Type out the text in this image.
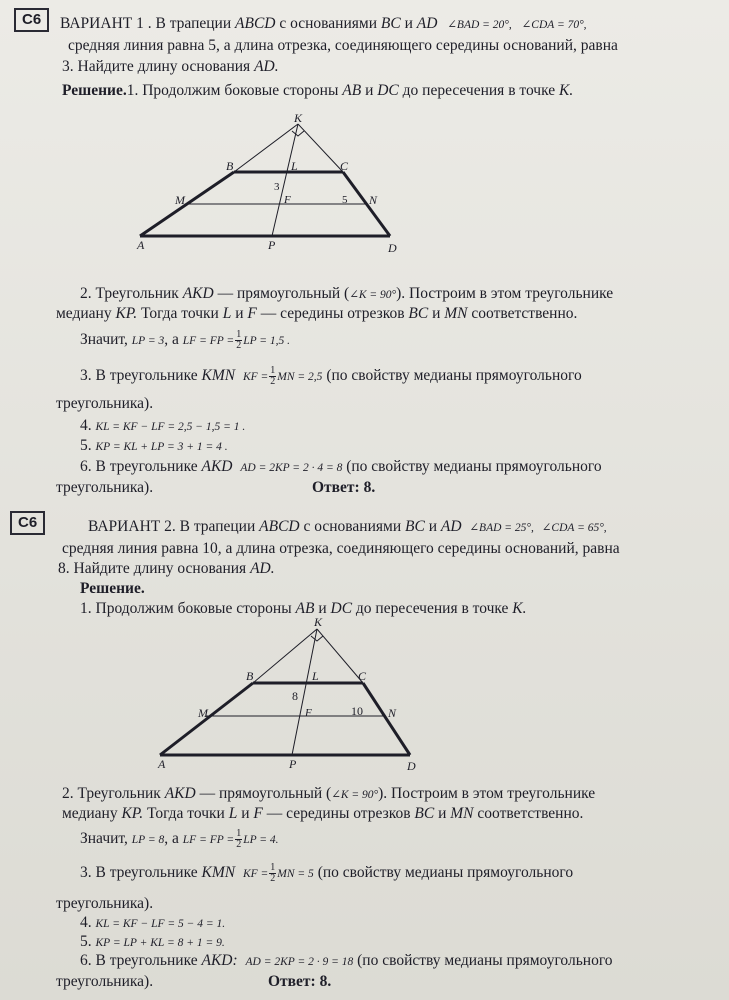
C6	ВАРИАНТ 1 . В трапеции ABCD с основаниями BC и AD ∠BAD = 20°, ∠CDA = 70°,
средняя линия равна 5, а длина отрезка, соединяющего середины оснований, равна
3. Найдите длину основания AD.
Решение.1. Продолжим боковые стороны AB и DC до пересечения в точке K.
K
B	L	C
M	F	N
A	P	D
3
5
2. Треугольник AKD — прямоугольный (∠K = 90°). Построим в этом треугольнике
медиану KP. Тогда точки L и F — середины отрезков BC и MN соответственно.
Значит, LP = 3, а LF = FP = $\frac{1}{2}$ LP = 1,5 .
3. В треугольнике KMN KF = $\frac{1}{2}$ MN = 2,5 (по свойству медианы прямоугольного
треугольника).
4. KL = KF − LF = 2,5 − 1,5 = 1 .
5. KP = KL + LP = 3 + 1 = 4 .
6. В треугольнике AKD AD = 2KP = 2 · 4 = 8 (по свойству медианы прямоугольного
треугольника).	Ответ: 8.
C6	ВАРИАНТ 2. В трапеции ABCD с основаниями BC и AD ∠BAD = 25°, ∠CDA = 65°,
средняя линия равна 10, а длина отрезка, соединяющего середины оснований, равна
8. Найдите длину основания AD.
Решение.
1. Продолжим боковые стороны AB и DC до пересечения в точке K.
K
B	L	C
M	F	N
A	P	D
8
10
2. Треугольник AKD — прямоугольный (∠K = 90°). Построим в этом треугольнике
медиану KP. Тогда точки L и F — середины отрезков BC и MN соответственно.
Значит, LP = 8, а LF = FP = $\frac{1}{2}$ LP = 4.
3. В треугольнике KMN KF = $\frac{1}{2}$ MN = 5 (по свойству медианы прямоугольного
треугольника).
4. KL = KF − LF = 5 − 4 = 1.
5. KP = LP + KL = 8 + 1 = 9.
6. В треугольнике AKD: AD = 2KP = 2 · 9 = 18 (по свойству медианы прямоугольного
треугольника).	Ответ: 8.
